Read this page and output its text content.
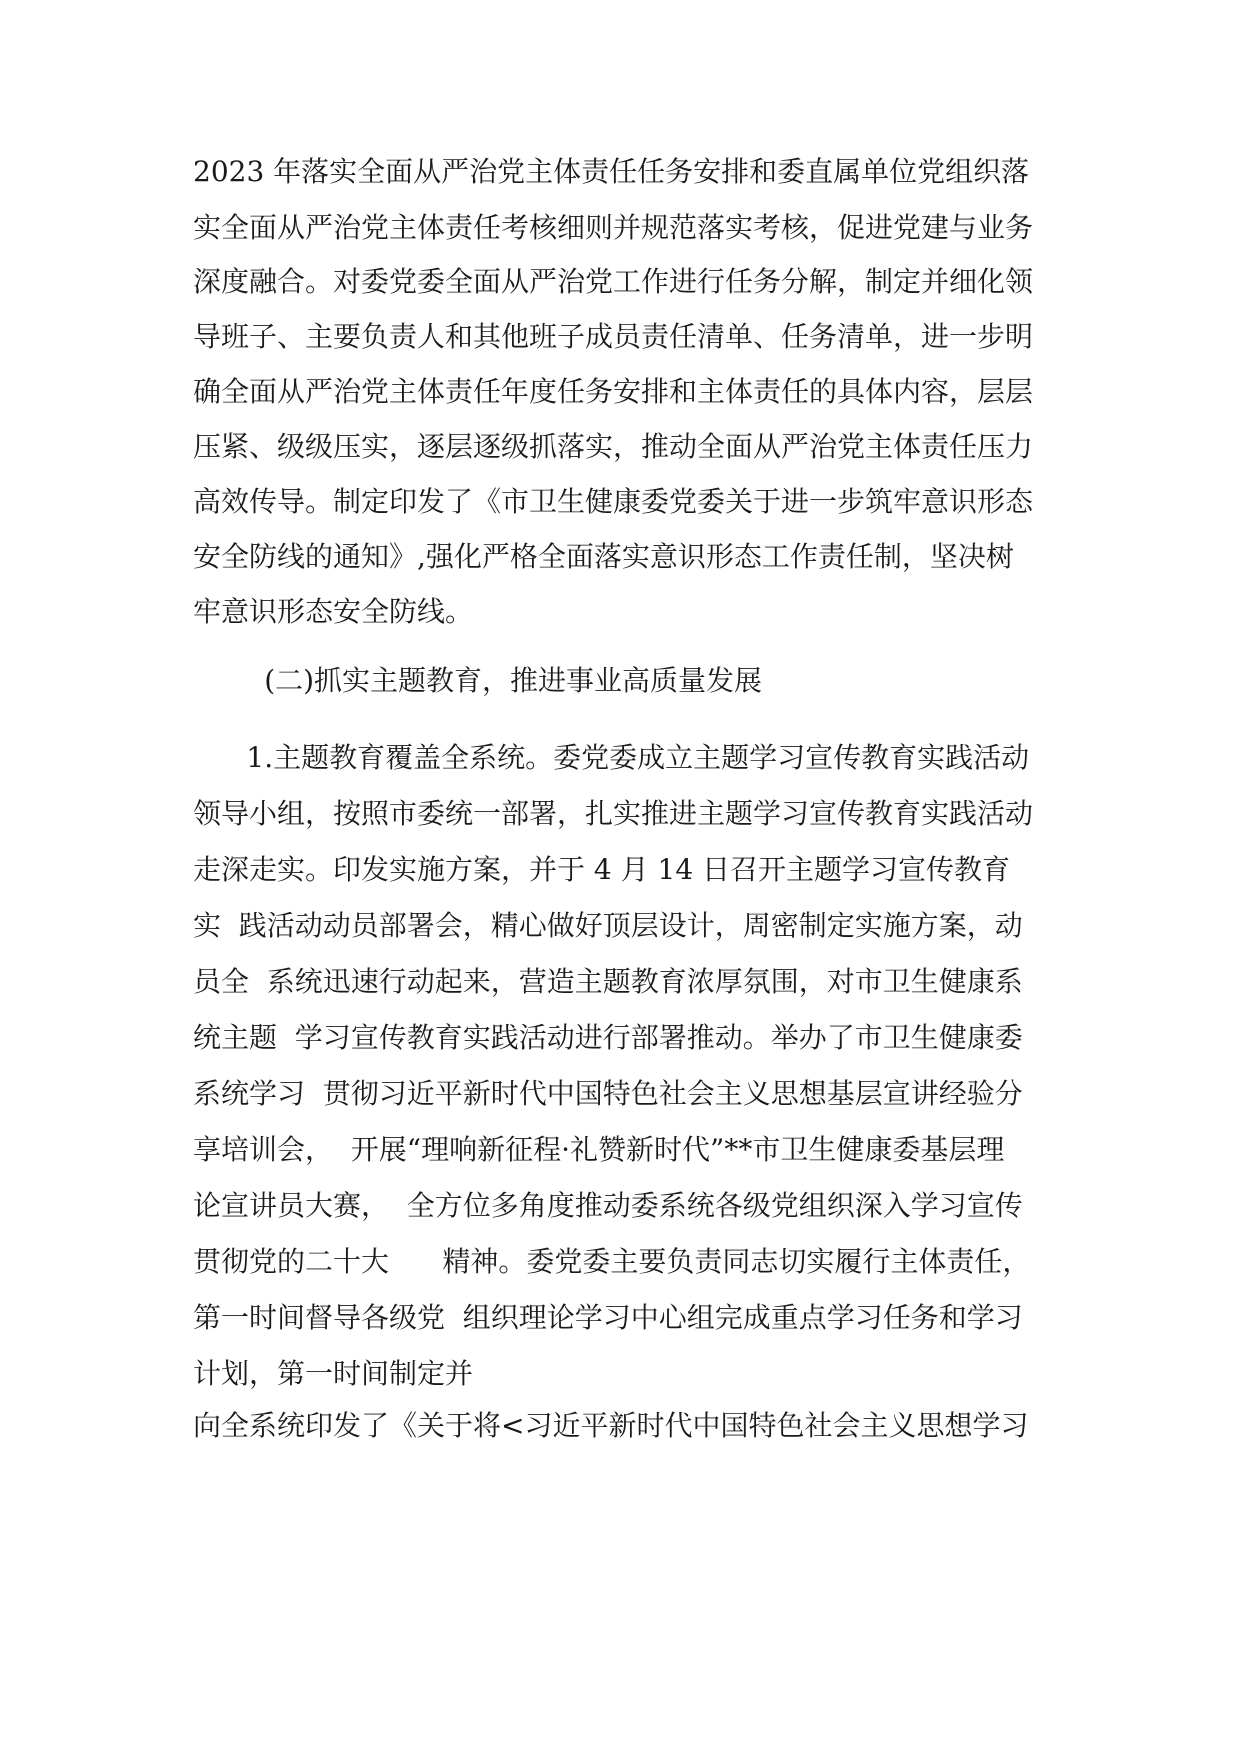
2023 年落实全面从严治党主体责任任务安排和委直属单位党组织落
实全面从严治党主体责任考核细则并规范落实考核，促进党建与业务
深度融合。对委党委全面从严治党工作进行任务分解，制定并细化领
导班子、主要负责人和其他班子成员责任清单、任务清单，进一步明
确全面从严治党主体责任年度任务安排和主体责任的具体内容，层层
压紧、级级压实，逐层逐级抓落实，推动全面从严治党主体责任压力
高效传导。制定印发了《市卫生健康委党委关于进一步筑牢意识形态
安全防线的通知》,强化严格全面落实意识形态工作责任制，坚决树
牢意识形态安全防线。
(二)抓实主题教育，推进事业高质量发展
1.主题教育覆盖全系统。委党委成立主题学习宣传教育实践活动
领导小组，按照市委统一部署，扎实推进主题学习宣传教育实践活动
走深走实。印发实施方案，并于 4 月 14 日召开主题学习宣传教育
实  践活动动员部署会，精心做好顶层设计，周密制定实施方案，动
员全  系统迅速行动起来，营造主题教育浓厚氛围，对市卫生健康系
统主题  学习宣传教育实践活动进行部署推动。举办了市卫生健康委
系统学习  贯彻习近平新时代中国特色社会主义思想基层宣讲经验分
享培训会，  开展“理响新征程·礼赞新时代”**市卫生健康委基层理
论宣讲员大赛，  全方位多角度推动委系统各级党组织深入学习宣传
贯彻党的二十大      精神。委党委主要负责同志切实履行主体责任，
第一时间督导各级党  组织理论学习中心组完成重点学习任务和学习
计划，第一时间制定并
向全系统印发了《关于将<习近平新时代中国特色社会主义思想学习
